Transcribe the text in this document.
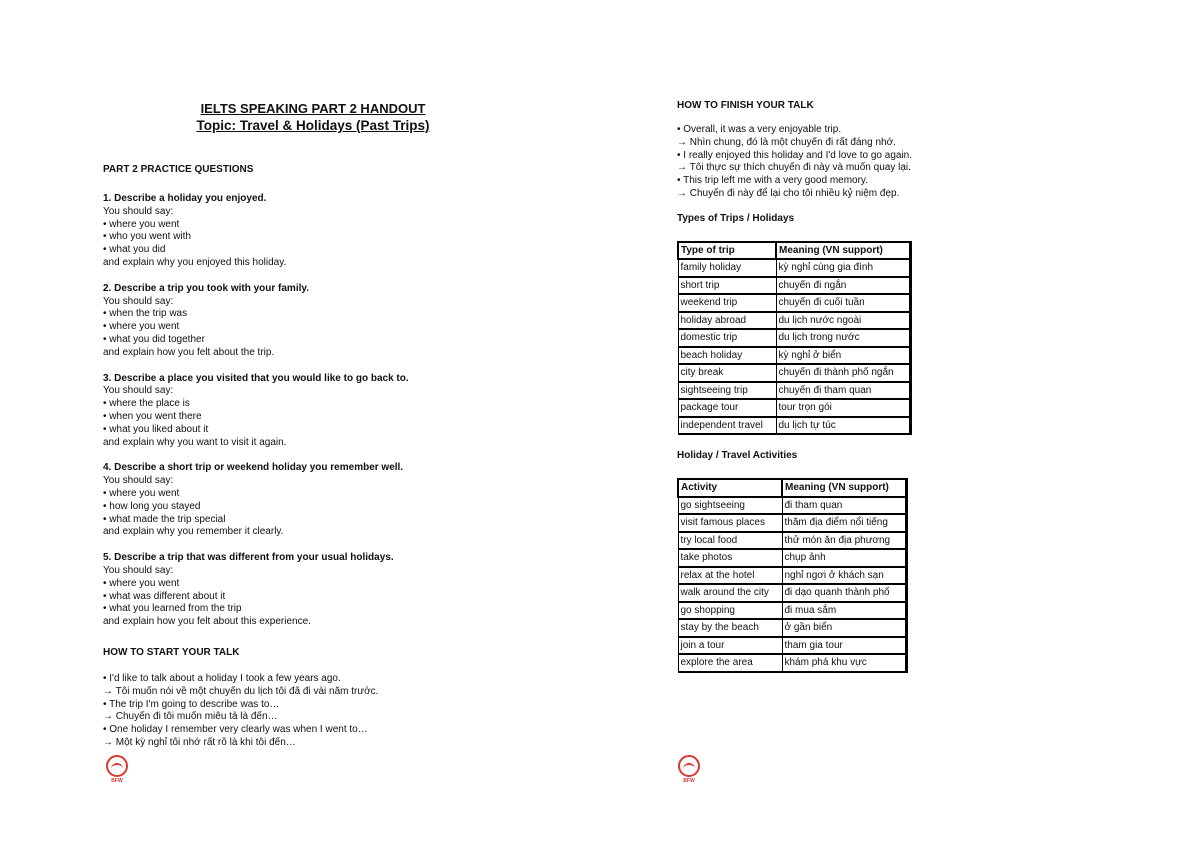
IELTS SPEAKING PART 2 HANDOUT
Topic: Travel & Holidays (Past Trips)
PART 2 PRACTICE QUESTIONS
1. Describe a holiday you enjoyed.
You should say:
• where you went
• who you went with
• what you did
and explain why you enjoyed this holiday.
2. Describe a trip you took with your family.
You should say:
• when the trip was
• where you went
• what you did together
and explain how you felt about the trip.
3. Describe a place you visited that you would like to go back to.
You should say:
• where the place is
• when you went there
• what you liked about it
and explain why you want to visit it again.
4. Describe a short trip or weekend holiday you remember well.
You should say:
• where you went
• how long you stayed
• what made the trip special
and explain why you remember it clearly.
5. Describe a trip that was different from your usual holidays.
You should say:
• where you went
• what was different about it
• what you learned from the trip
and explain how you felt about this experience.
HOW TO START YOUR TALK
• I'd like to talk about a holiday I took a few years ago.
→ Tôi muốn nói về một chuyến du lịch tôi đã đi vài năm trước.
• The trip I'm going to describe was to…
→ Chuyến đi tôi muốn miêu tả là đến…
• One holiday I remember very clearly was when I went to…
→ Một kỳ nghỉ tôi nhớ rất rõ là khi tôi đến…
BFW
HOW TO FINISH YOUR TALK
• Overall, it was a very enjoyable trip.
→ Nhìn chung, đó là một chuyến đi rất đáng nhớ.
• I really enjoyed this holiday and I'd love to go again.
→ Tôi thực sự thích chuyến đi này và muốn quay lại.
• This trip left me with a very good memory.
→ Chuyến đi này để lại cho tôi nhiều kỷ niệm đẹp.
Types of Trips / Holidays
Type of trip	Meaning (VN support)
family holiday	kỳ nghỉ cùng gia đình
short trip	chuyến đi ngắn
weekend trip	chuyến đi cuối tuần
holiday abroad	du lịch nước ngoài
domestic trip	du lịch trong nước
beach holiday	kỳ nghỉ ở biển
city break	chuyến đi thành phố ngắn
sightseeing trip	chuyến đi tham quan
package tour	tour trọn gói
independent travel	du lịch tự túc
Holiday / Travel Activities
Activity	Meaning (VN support)
go sightseeing	đi tham quan
visit famous places	thăm địa điểm nổi tiếng
try local food	thử món ăn địa phương
take photos	chụp ảnh
relax at the hotel	nghỉ ngơi ở khách sạn
walk around the city	đi dạo quanh thành phố
go shopping	đi mua sắm
stay by the beach	ở gần biển
join a tour	tham gia tour
explore the area	khám phá khu vực
BFW
